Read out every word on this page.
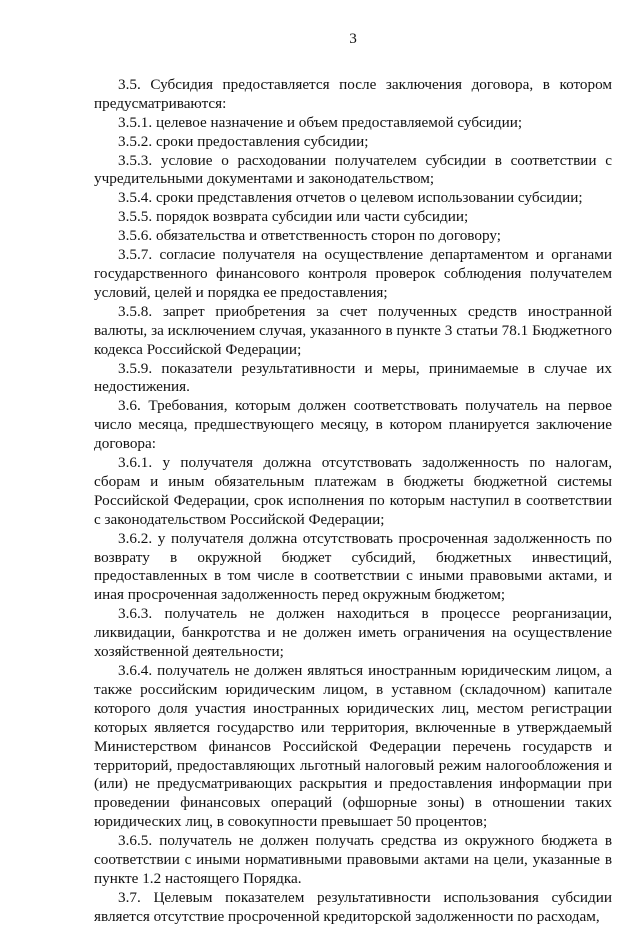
3

3.5. Субсидия предоставляется после заключения договора, в котором предусматриваются:

3.5.1. целевое назначение и объем предоставляемой субсидии;

3.5.2. сроки предоставления субсидии;

3.5.3. условие о расходовании получателем субсидии в соответствии с учредительными документами и законодательством;

3.5.4. сроки представления отчетов о целевом использовании субсидии;

3.5.5. порядок возврата субсидии или части субсидии;

3.5.6. обязательства и ответственность сторон по договору;

3.5.7. согласие получателя на осуществление департаментом и органами государственного финансового контроля проверок соблюдения получателем условий, целей и порядка ее предоставления;

3.5.8. запрет приобретения за счет полученных средств иностранной валюты, за исключением случая, указанного в пункте 3 статьи 78.1 Бюджетного кодекса Российской Федерации;

3.5.9. показатели результативности и меры, принимаемые в случае их недостижения.

3.6. Требования, которым должен соответствовать получатель на первое число месяца, предшествующего месяцу, в котором планируется заключение договора:

3.6.1. у получателя должна отсутствовать задолженность по налогам, сборам и иным обязательным платежам в бюджеты бюджетной системы Российской Федерации, срок исполнения по которым наступил в соответствии с законодательством Российской Федерации;

3.6.2. у получателя должна отсутствовать просроченная задолженность по возврату в окружной бюджет субсидий, бюджетных инвестиций, предоставленных в том числе в соответствии с иными правовыми актами, и иная просроченная задолженность перед окружным бюджетом;

3.6.3. получатель не должен находиться в процессе реорганизации, ликвидации, банкротства и не должен иметь ограничения на осуществление хозяйственной деятельности;

3.6.4. получатель не должен являться иностранным юридическим лицом, а также российским юридическим лицом, в уставном (складочном) капитале которого доля участия иностранных юридических лиц, местом регистрации которых является государство или территория, включенные в утверждаемый Министерством финансов Российской Федерации перечень государств и территорий, предоставляющих льготный налоговый режим налогообложения и (или) не предусматривающих раскрытия и предоставления информации при проведении финансовых операций (офшорные зоны) в отношении таких юридических лиц, в совокупности превышает 50 процентов;

3.6.5. получатель не должен получать средства из окружного бюджета в соответствии с иными нормативными правовыми актами на цели, указанные в пункте 1.2 настоящего Порядка.

3.7. Целевым показателем результативности использования субсидии является отсутствие просроченной кредиторской задолженности по расходам,
